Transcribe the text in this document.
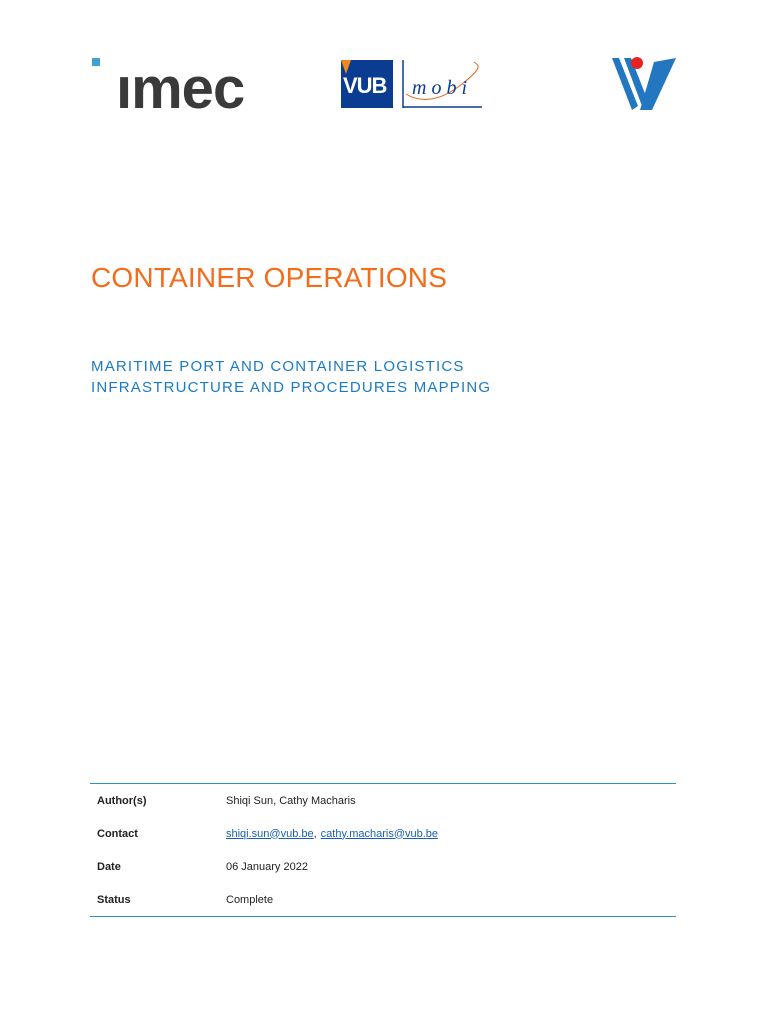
ımec	VUB mobi
CONTAINER OPERATIONS
MARITIME PORT AND CONTAINER LOGISTICS
INFRASTRUCTURE AND PROCEDURES MAPPING
Author(s)	Shiqi Sun, Cathy Macharis
Contact	shiqi.sun@vub.be, cathy.macharis@vub.be
Date	06 January 2022
Status	Complete
